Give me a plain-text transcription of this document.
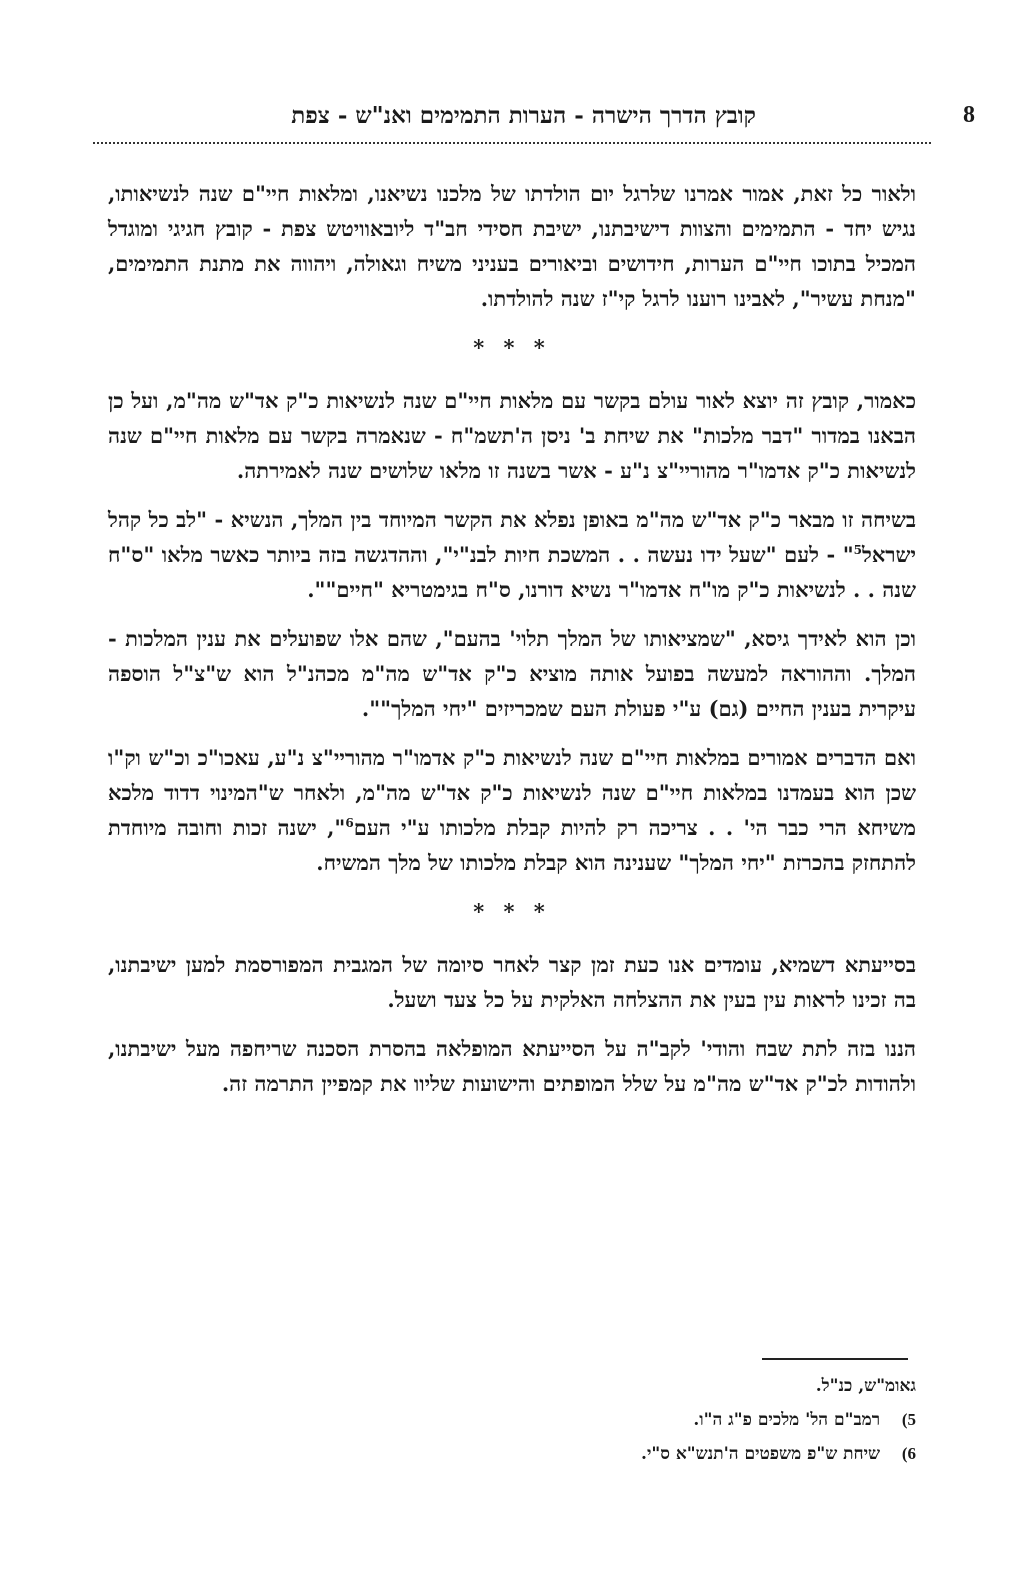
8
קובץ הדרך הישרה - הערות התמימים ואנ"ש - צפת

ולאור כל זאת, אמור אמרנו שלרגל יום הולדתו של מלכנו נשיאנו, ומלאות חיי"ם שנה לנשיאותו, נגיש יחד - התמימים והצוות דישיבתנו, ישיבת חסידי חב"ד ליובאוויטש צפת - קובץ חגיגי ומוגדל המכיל בתוכו חיי"ם הערות, חידושים וביאורים בעניני משיח וגאולה, ויהווה את מתנת התמימים, "מנחת עשיר", לאבינו רוענו לרגל קי"ז שנה להולדתו.

* * *

כאמור, קובץ זה יוצא לאור עולם בקשר עם מלאות חיי"ם שנה לנשיאות כ"ק אד"ש מה"מ, ועל כן הבאנו במדור "דבר מלכות" את שיחת ב' ניסן ה'תשמ"ח - שנאמרה בקשר עם מלאות חיי"ם שנה לנשיאות כ"ק אדמו"ר מהוריי"צ נ"ע - אשר בשנה זו מלאו שלושים שנה לאמירתה.

בשיחה זו מבאר כ"ק אד"ש מה"מ באופן נפלא את הקשר המיוחד בין המלך, הנשיא - "לב כל קהל ישראל$^5$" - לעם "שעל ידו נעשה . . המשכת חיות לבנ"י", וההדגשה בזה ביותר כאשר מלאו "ס"ח שנה . . לנשיאות כ"ק מו"ח אדמו"ר נשיא דורנו, ס"ח בגימטריא "חיים"".

וכן הוא לאידך גיסא, "שמציאותו של המלך תלוי' בהעם", שהם אלו שפועלים את ענין המלכות - המלך. וההוראה למעשה בפועל אותה מוציא כ"ק אד"ש מה"מ מכהנ"ל הוא ש"צ"ל הוספה עיקרית בענין החיים (גם) ע"י פעולת העם שמכריזים "יחי המלך"".

ואם הדברים אמורים במלאות חיי"ם שנה לנשיאות כ"ק אדמו"ר מהוריי"צ נ"ע, עאכו"כ וכ"ש וק"ו שכן הוא בעמדנו במלאות חיי"ם שנה לנשיאות כ"ק אד"ש מה"מ, ולאחר ש"המינוי דדוד מלכא משיחא הרי כבר הי' . . צריכה רק להיות קבלת מלכותו ע"י העם$^6$", ישנה זכות וחובה מיוחדת להתחזק בהכרזת "יחי המלך" שענינה הוא קבלת מלכותו של מלך המשיח.

* * *

בסייעתא דשמיא, עומדים אנו כעת זמן קצר לאחר סיומה של המגבית המפורסמת למען ישיבתנו, בה זכינו לראות עין בעין את ההצלחה האלקית על כל צעד ושעל.

הננו בזה לתת שבח והודי' לקב"ה על הסייעתא המופלאה בהסרת הסכנה שריחפה מעל ישיבתנו, ולהודות לכ"ק אד"ש מה"מ על שלל המופתים והישועות שליוו את קמפיין התרמה זה.

גאומ"ש, כנ"ל.

5) רמב"ם הל' מלכים פ"ג ה"ו.

6) שיחת ש"פ משפטים ה'תנש"א ס"י.
